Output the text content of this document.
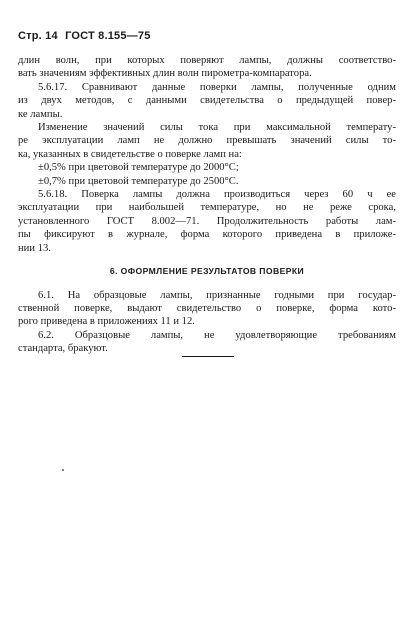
Стр. 14 ГОСТ 8.155—75

длин волн, при которых поверяют лампы, должны соответство-
вать значениям эффективных длин волн пирометра-компаратора.

5.6.17. Сравнивают данные поверки лампы, полученные одним
из двух методов, с данными свидетельства о предыдущей повер-
ке лампы.

Изменение значений силы тока при максимальной температу-
ре эксплуатации ламп не должно превышать значений силы то-
ка, указанных в свидетельстве о поверке ламп на:
±0,5% при цветовой температуре до 2000°С;
±0,7% при цветовой температуре до 2500°С.

5.6.18. Поверка лампы должна производиться через 60 ч ее
эксплуатации при наибольшей температуре, но не реже срока,
установленного ГОСТ 8.002—71. Продолжительность работы лам-
пы фиксируют в журнале, форма которого приведена в приложе-
нии 13.

6. ОФОРМЛЕНИЕ РЕЗУЛЬТАТОВ ПОВЕРКИ

6.1. На образцовые лампы, признанные годными при государ-
ственной поверке, выдают свидетельство о поверке, форма кото-
рого приведена в приложениях 11 и 12.

6.2. Образцовые лампы, не удовлетворяющие требованиям
стандарта, бракуют.
